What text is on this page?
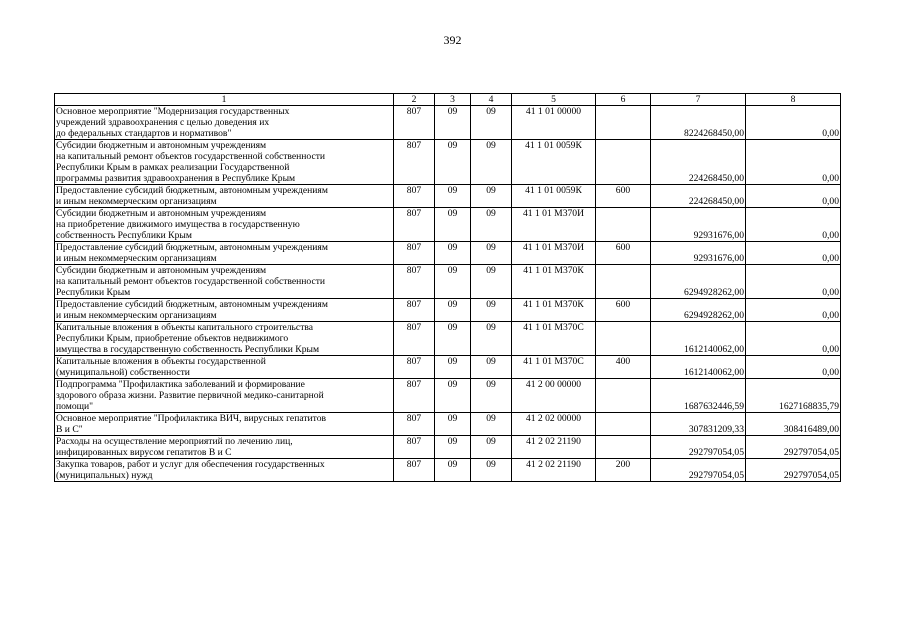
392
1	2	3	4	5	6	7	8
Основное мероприятие "Модернизация государственных
учреждений здравоохранения с целью доведения их
до федеральных стандартов и нормативов"	807	09	09	41 1 01 00000		8224268450,00	0,00
Субсидии бюджетным и автономным учреждениям
на капитальный ремонт объектов государственной собственности
Республики Крым в рамках реализации Государственной
программы развития здравоохранения в Республике Крым	807	09	09	41 1 01 0059К		224268450,00	0,00
Предоставление субсидий бюджетным, автономным учреждениям
и иным некоммерческим организациям	807	09	09	41 1 01 0059К	600	224268450,00	0,00
Субсидии бюджетным и автономным учреждениям
на приобретение движимого имущества в государственную
собственность Республики Крым	807	09	09	41 1 01 М370И		92931676,00	0,00
Предоставление субсидий бюджетным, автономным учреждениям
и иным некоммерческим организациям	807	09	09	41 1 01 М370И	600	92931676,00	0,00
Субсидии бюджетным и автономным учреждениям
на капитальный ремонт объектов государственной собственности
Республики Крым	807	09	09	41 1 01 М370К		6294928262,00	0,00
Предоставление субсидий бюджетным, автономным учреждениям
и иным некоммерческим организациям	807	09	09	41 1 01 М370К	600	6294928262,00	0,00
Капитальные вложения в объекты капитального строительства
Республики Крым, приобретение объектов недвижимого
имущества в государственную собственность Республики Крым	807	09	09	41 1 01 М370С		1612140062,00	0,00
Капитальные вложения в объекты государственной
(муниципальной) собственности	807	09	09	41 1 01 М370С	400	1612140062,00	0,00
Подпрограмма "Профилактика заболеваний и формирование
здорового образа жизни. Развитие первичной медико-санитарной
помощи"	807	09	09	41 2 00 00000		1687632446,59	1627168835,79
Основное мероприятие "Профилактика ВИЧ, вирусных гепатитов
В и С"	807	09	09	41 2 02 00000		307831209,33	308416489,00
Расходы на осуществление мероприятий по лечению лиц,
инфицированных вирусом гепатитов В и С	807	09	09	41 2 02 21190		292797054,05	292797054,05
Закупка товаров, работ и услуг для обеспечения государственных
(муниципальных) нужд	807	09	09	41 2 02 21190	200	292797054,05	292797054,05
